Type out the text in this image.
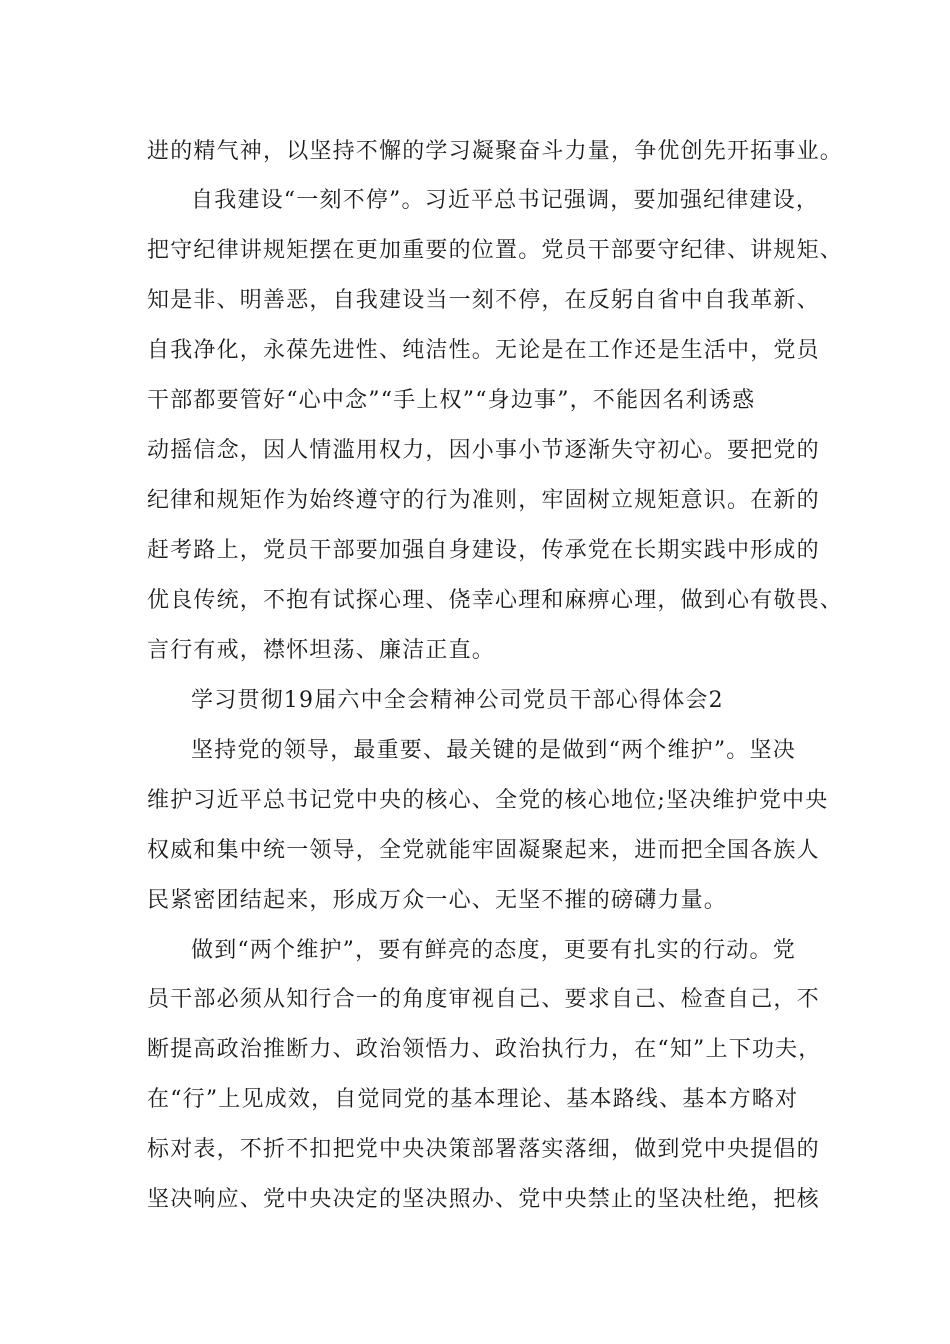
进的精气神，以坚持不懈的学习凝聚奋斗力量，争优创先开拓事业。
自我建设“一刻不停”。习近平总书记强调，要加强纪律建设，
把守纪律讲规矩摆在更加重要的位置。党员干部要守纪律、讲规矩、
知是非、明善恶，自我建设当一刻不停，在反躬自省中自我革新、
自我净化，永葆先进性、纯洁性。无论是在工作还是生活中，党员
干部都要管好“心中念”“手上权”“身边事”，不能因名利诱惑
动摇信念，因人情滥用权力，因小事小节逐渐失守初心。要把党的
纪律和规矩作为始终遵守的行为准则，牢固树立规矩意识。在新的
赶考路上，党员干部要加强自身建设，传承党在长期实践中形成的
优良传统，不抱有试探心理、侥幸心理和麻痹心理，做到心有敬畏、
言行有戒，襟怀坦荡、廉洁正直。
学习贯彻19届六中全会精神公司党员干部心得体会2
坚持党的领导，最重要、最关键的是做到“两个维护”。坚决
维护习近平总书记党中央的核心、全党的核心地位;坚决维护党中央
权威和集中统一领导，全党就能牢固凝聚起来，进而把全国各族人
民紧密团结起来，形成万众一心、无坚不摧的磅礴力量。
做到“两个维护”，要有鲜亮的态度，更要有扎实的行动。党
员干部必须从知行合一的角度审视自己、要求自己、检查自己，不
断提高政治推断力、政治领悟力、政治执行力，在“知”上下功夫，
在“行”上见成效，自觉同党的基本理论、基本路线、基本方略对
标对表，不折不扣把党中央决策部署落实落细，做到党中央提倡的
坚决响应、党中央决定的坚决照办、党中央禁止的坚决杜绝，把核
